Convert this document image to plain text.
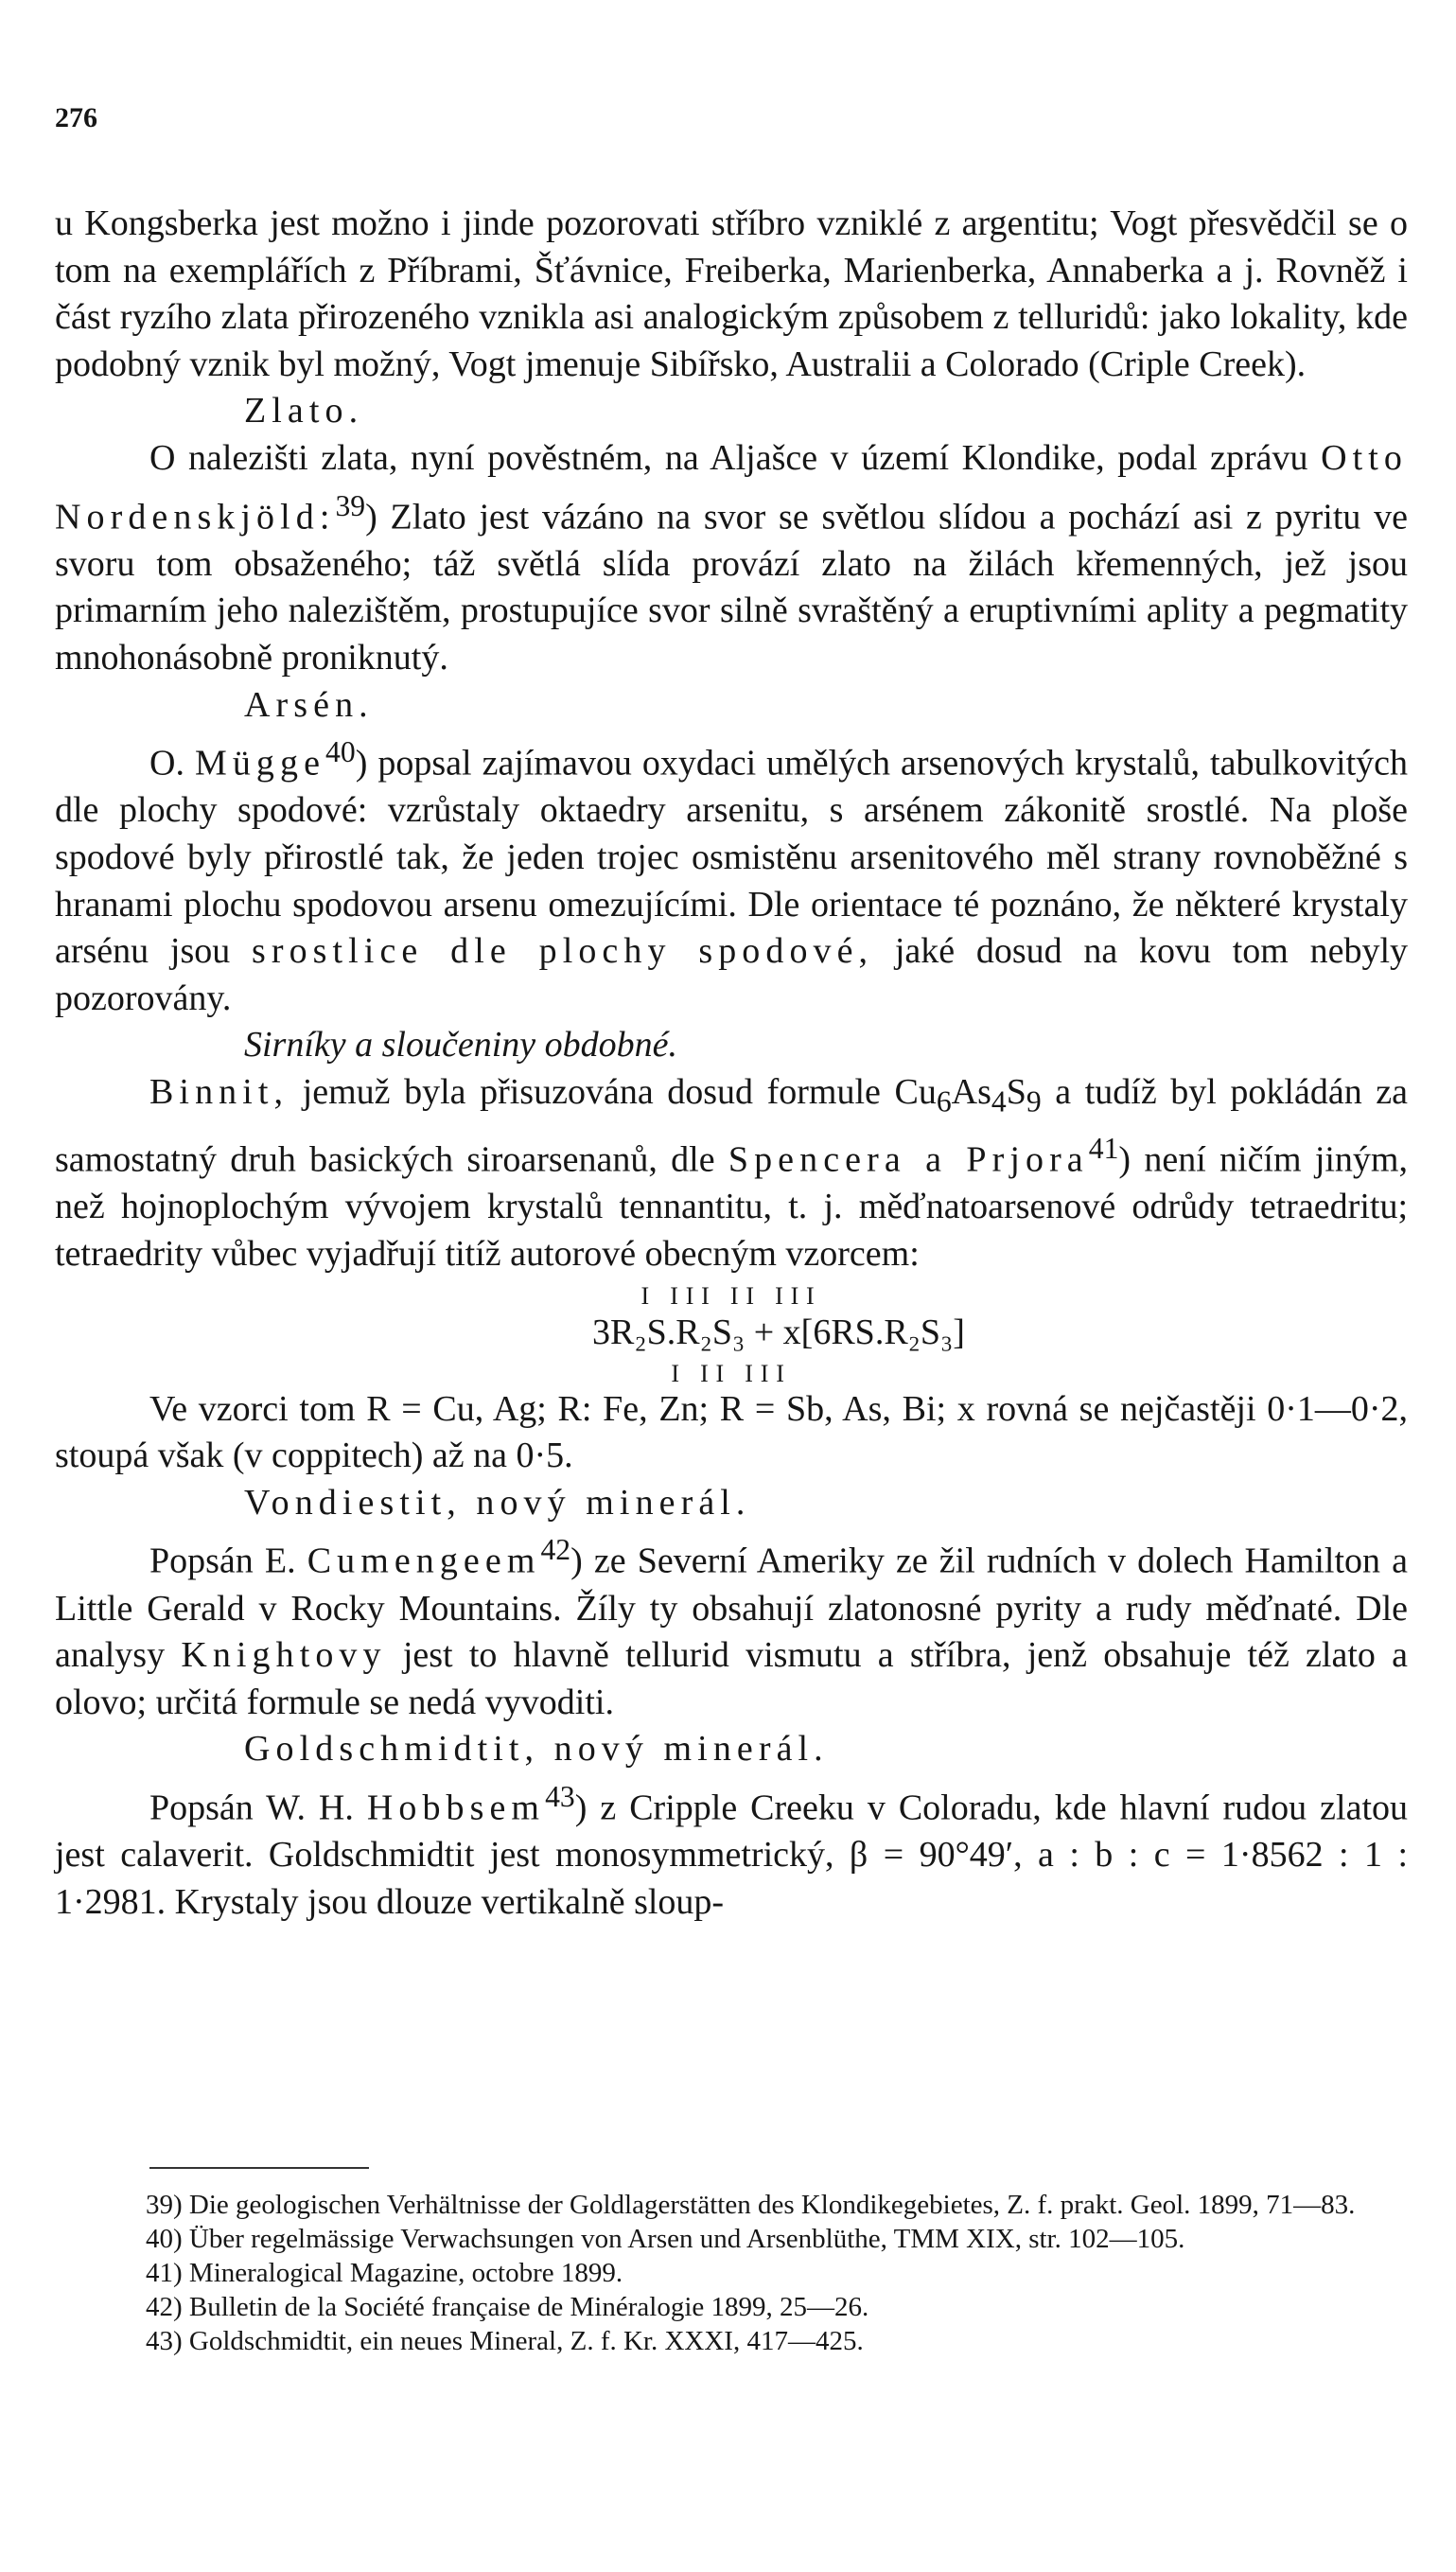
276

u Kongsberka jest možno i jinde pozorovati stříbro vzniklé z argentitu; Vogt přesvědčil se o tom na exemplářích z Příbrami, Šťávnice, Freiberka, Marienberka, Annaberka a j. Rovněž i část ryzího zlata přirozeného vznikla asi analogickým způsobem z telluridů: jako lokality, kde podobný vznik byl možný, Vogt jmenuje Sibířsko, Australii a Colorado (Criple Creek).

Zlato.

O nalezišti zlata, nyní pověstném, na Aljašce v území Klondike, podal zprávu Otto Nordenskjöld:$^{39}$) Zlato jest vázáno na svor se světlou slídou a pochází asi z pyritu ve svoru tom obsaženého; táž světlá slída provází zlato na žilách křemenných, jež jsou primarním jeho nalezištěm, prostupujíce svor silně svraštěný a eruptivními aplity a pegmatity mnohonásobně proniknutý.

Arsén.

O. Mügge$^{40}$) popsal zajímavou oxydaci umělých arsenových krystalů, tabulkovitých dle plochy spodové: vzrůstaly oktaedry arsenitu, s arsénem zákonitě srostlé. Na ploše spodové byly přirostlé tak, že jeden trojec osmistěnu arsenitového měl strany rovnoběžné s hranami plochu spodovou arsenu omezujícími. Dle orientace té poznáno, že některé krystaly arsénu jsou srostlice dle plochy spodové, jaké dosud na kovu tom nebyly pozorovány.

Sirníky a sloučeniny obdobné.

Binnit, jemuž byla přisuzována dosud formule $Cu_6As_4S_9$ a tudíž byl pokládán za samostatný druh basických siroarsenanů, dle Spencera a Prjora$^{41}$) není ničím jiným, než hojnoplochým vývojem krystalů tennantitu, t. j. měďnatoarsenové odrůdy tetraedritu; tetraedrity vůbec vyjadřují titíž autorové obecným vzorcem:

I III II III

3R₂S.R₂S₃ + x[6RS.R₂S₃]

I II III

Ve vzorci tom R = Cu, Ag; R: Fe, Zn; R = Sb, As, Bi; x rovná se nejčastěji 0·1—0·2, stoupá však (v coppitech) až na 0·5.

Vondiestit, nový minerál.

Popsán E. Cumengeem$^{42}$) ze Severní Ameriky ze žil rudních v dolech Hamilton a Little Gerald v Rocky Mountains. Žíly ty obsahují zlatonosné pyrity a rudy měďnaté. Dle analysy Knightovy jest to hlavně tellurid vismutu a stříbra, jenž obsahuje též zlato a olovo; určitá formule se nedá vyvoditi.

Goldschmidtit, nový minerál.

Popsán W. H. Hobbsem$^{43}$) z Cripple Creeku v Coloradu, kde hlavní rudou zlatou jest calaverit. Goldschmidtit jest monosymmetrický, β = 90°49′, a : b : c = 1·8562 : 1 : 1·2981. Krystaly jsou dlouze vertikalně sloup-

39) Die geologischen Verhältnisse der Goldlagerstätten des Klondikegebietes, Z. f. prakt. Geol. 1899, 71—83.

40) Über regelmässige Verwachsungen von Arsen und Arsenblüthe, TMM XIX, str. 102—105.

41) Mineralogical Magazine, octobre 1899.

42) Bulletin de la Société française de Minéralogie 1899, 25—26.

43) Goldschmidtit, ein neues Mineral, Z. f. Kr. XXXI, 417—425.
